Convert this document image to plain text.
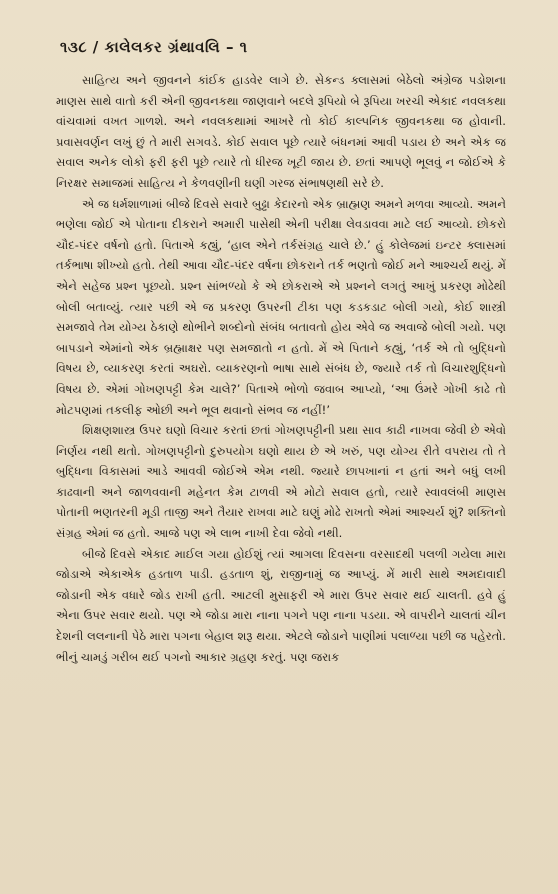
૧૩૮ / કાલેલકર ગ્રંથાવલિ – ૧

સાહિત્ય અને જીવનને કાંઈક હાડવેર લાગે છે. સેકન્ડ ક્લાસમાં બેઠેલો અંગ્રેજ પડોશના માણસ સાથે વાતો કરી એની જીવનકથા જાણવાને બદલે રૂપિયો બે રૂપિયા ખરચી એકાદ નવલકથા વાંચવામાં વખત ગાળશે. અને નવલકથામાં આખરે તો કોઈ કાલ્પનિક જીવનકથા જ હોવાની. પ્રવાસવર્ણન લખું છું તે મારી સગવડે. કોઈ સવાલ પૂછે ત્યારે બંધનમાં આવી પડાય છે અને એક જ સવાલ અનેક લોકો ફરી ફરી પૂછે ત્યારે તો ધીરજ ખૂટી જાય છે. છતાં આપણે ભૂલવું ન જોઈએ કે નિરક્ષર સમાજમાં સાહિત્ય ને કેળવણીની ઘણી ગરજ સંભાષણથી સરે છે.

એ જ ધર્મશાળામાં બીજે દિવસે સવારે બુઢ્ઢા કેદારનો એક બ્રાહ્મણ અમને મળવા આવ્યો. અમને ભણેલા જોઈ એ પોતાના દીકરાને અમારી પાસેથી એની પરીક્ષા લેવડાવવા માટે લઈ આવ્યો. છોકરો ચૌદ-પંદર વર્ષનો હતો. પિતાએ કહ્યું, ‘હાલ એને તર્કસંગ્રહ ચાલે છે.’ હું કોલેજમાં ઇન્ટર ક્લાસમાં તર્કભાષા શીખ્યો હતો. તેથી આવા ચૌદ-પંદર વર્ષના છોકરાને તર્ક ભણતો જોઈ મને આશ્ચર્ય થયું. મેં એને સહેજ પ્રશ્ન પૂછયો. પ્રશ્ન સાંભળ્યો કે એ છોકરાએ એ પ્રશ્નને લગતું આખું પ્રકરણ મોઢેથી બોલી બતાવ્યું. ત્યાર પછી એ જ પ્રકરણ ઉપરની ટીકા પણ કડકડાટ બોલી ગયો, કોઈ શાસ્ત્રી સમજાવે તેમ યોગ્ય ઠેકાણે થોભીને શબ્દોનો સંબંધ બતાવતો હોય એવે જ અવાજે બોલી ગયો. પણ બાપડાને એમાંનો એક બ્રહ્માક્ષર પણ સમજાતો ન હતો. મેં એ પિતાને કહ્યું, ‘તર્ક એ તો બુદ્ધિનો વિષય છે, વ્યાકરણ કરતાં અઘરો. વ્યાકરણનો ભાષા સાથે સંબંધ છે, જ્યારે તર્ક તો વિચારશુદ્ધિનો વિષય છે. એમાં ગોખણપટ્ટી કેમ ચાલે?’ પિતાએ ભોળો જવાબ આપ્યો, ‘આ ઉંમરે ગોખી કાઢે તો મોટપણમાં તકલીફ ઓછી અને ભૂલ થવાનો સંભવ જ નહીં!’

શિક્ષણશાસ્ત્ર ઉપર ઘણો વિચાર કરતાં છતાં ગોખણપટ્ટીની પ્રથા સાવ કાઢી નાખવા જેવી છે એવો નિર્ણય નથી થતો. ગોખણપટ્ટીનો દુરુપયોગ ઘણો થાય છે એ ખરું, પણ યોગ્ય રીતે વપરાય તો તે બુદ્ધિના વિકાસમાં આડે આવવી જોઈએ એમ નથી. જ્યારે છાપખાનાં ન હતાં અને બધું લખી કાઢવાની અને જાળવવાની મહેનત કેમ ટાળવી એ મોટો સવાલ હતો, ત્યારે સ્વાવલંબી માણસ પોતાની ભણતરની મૂડી તાજી અને તૈયાર રાખવા માટે ઘણું મોઢે રાખતો એમાં આશ્ચર્ય શું? શક્તિનો સંગ્રહ એમાં જ હતો. આજે પણ એ લાભ નાખી દેવા જેવો નથી.

બીજે દિવસે એકાદ માઈલ ગયા હોઈશું ત્યાં આગલા દિવસના વરસાદથી પલળી ગયેલા મારા જોડાએ એકાએક હડતાળ પાડી. હડતાળ શું, રાજીનામું જ આપ્યું. મેં મારી સાથે અમદાવાદી જોડાની એક વધારે જોડ રાખી હતી. આટલી મુસાફરી એ મારા ઉપર સવાર થઈ ચાલતી. હવે હું એના ઉપર સવાર થયો. પણ એ જોડા મારા નાના પગને પણ નાના પડયા. એ વાપરીને ચાલતાં ચીન દેશની લલનાની પેઠે મારા પગના બેહાલ શરૂ થયા. એટલે જોડાને પાણીમાં પલાળ્યા પછી જ પહેરતો. ભીનું ચામડું ગરીબ થઈ પગનો આકાર ગ્રહણ કરતું. પણ જરાક
